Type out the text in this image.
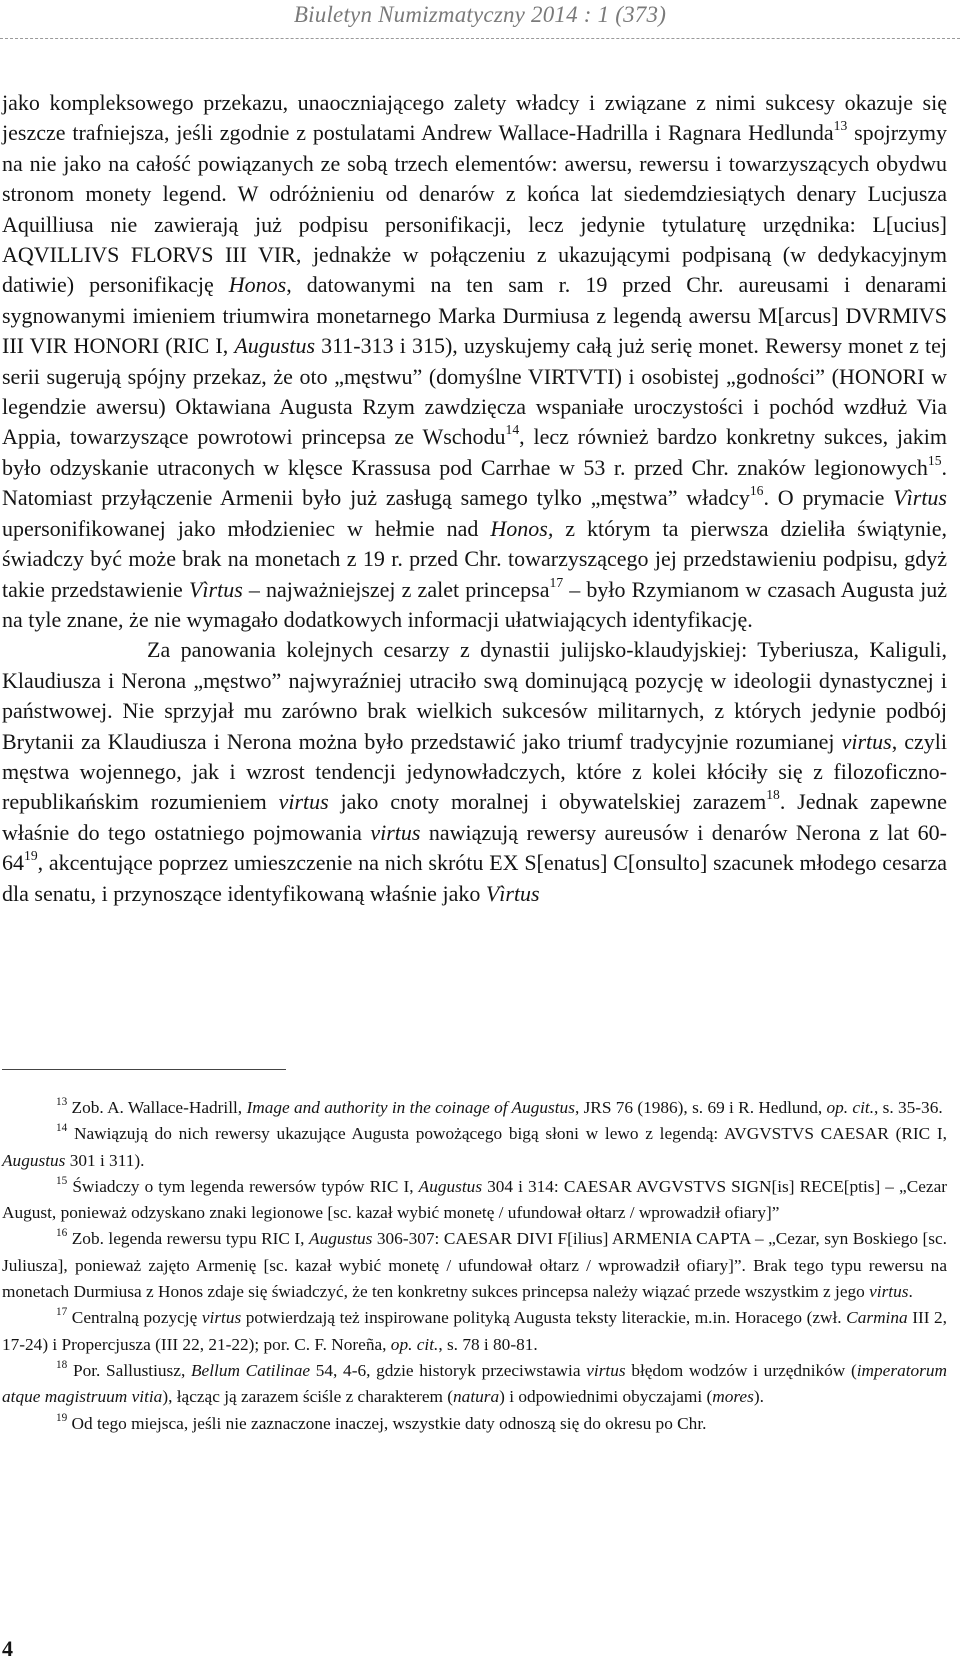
Biuletyn Numizmatyczny 2014 : 1 (373)

jako kompleksowego przekazu, unaoczniającego zalety władcy i związane z nimi sukcesy okazuje się jeszcze trafniejsza, jeśli zgodnie z postulatami Andrew Wallace-Hadrilla i Ragnara Hedlunda$^{13}$ spojrzymy na nie jako na całość powiązanych ze sobą trzech elementów: awersu, rewersu i towarzyszących obydwu stronom monety legend. W odróżnieniu od denarów z końca lat siedemdziesiątych denary Lucjusza Aquilliusa nie zawierają już podpisu personifikacji, lecz jedynie tytulaturę urzędnika: L[ucius] AQVILLIVS FLORVS III VIR, jednakże w połączeniu z ukazującymi podpisaną (w dedykacyjnym datiwie) personifikację Honos, datowanymi na ten sam r. 19 przed Chr. aureusami i denarami sygnowanymi imieniem triumwira monetarnego Marka Durmiusa z legendą awersu M[arcus] DVRMIVS III VIR HONORI (RIC I, Augustus 311-313 i 315), uzyskujemy całą już serię monet. Rewersy monet z tej serii sugerują spójny przekaz, że oto „męstwu” (domyślne VIRTVTI) i osobistej „godności” (HONORI w legendzie awersu) Oktawiana Augusta Rzym zawdzięcza wspaniałe uroczystości i pochód wzdłuż Via Appia, towarzyszące powrotowi princepsa ze Wschodu$^{14}$, lecz również bardzo konkretny sukces, jakim było odzyskanie utraconych w klęsce Krassusa pod Carrhae w 53 r. przed Chr. znaków legionowych$^{15}$. Natomiast przyłączenie Armenii było już zasługą samego tylko „męstwa” władcy$^{16}$. O prymacie Vìrtus upersonifikowanej jako młodzieniec w hełmie nad Honos, z którym ta pierwsza dzieliła świątynie, świadczy być może brak na monetach z 19 r. przed Chr. towarzyszącego jej przedstawieniu podpisu, gdyż takie przedstawienie Vìrtus – najważniejszej z zalet princepsa$^{17}$ – było Rzymianom w czasach Augusta już na tyle znane, że nie wymagało dodatkowych informacji ułatwiających identyfikację.

Za panowania kolejnych cesarzy z dynastii julijsko-klaudyjskiej: Tyberiusza, Kaliguli, Klaudiusza i Nerona „męstwo” najwyraźniej utraciło swą dominującą pozycję w ideologii dynastycznej i państwowej. Nie sprzyjał mu zarówno brak wielkich sukcesów militarnych, z których jedynie podbój Brytanii za Klaudiusza i Nerona można było przedstawić jako triumf tradycyjnie rozumianej virtus, czyli męstwa wojennego, jak i wzrost tendencji jedynowładczych, które z kolei kłóciły się z filozoficzno-republikańskim rozumieniem virtus jako cnoty moralnej i obywatelskiej zarazem$^{18}$. Jednak zapewne właśnie do tego ostatniego pojmowania virtus nawiązują rewersy aureusów i denarów Nerona z lat $60-64^{19}$, akcentujące poprzez umieszczenie na nich skrótu EX S[enatus] C[onsulto] szacunek młodego cesarza dla senatu, i przynoszące identyfikowaną właśnie jako Vìrtus

$^{13}$ Zob. A. Wallace-Hadrill, Image and authority in the coinage of Augustus, JRS 76 (1986), s. 69 i R. Hedlund, op. cit., s. 35-36.

$^{14}$ Nawiązują do nich rewersy ukazujące Augusta powożącego bigą słoni w lewo z legendą: AVGVSTVS CAESAR (RIC I, Augustus 301 i 311).

$^{15}$ Świadczy o tym legenda rewersów typów RIC I, Augustus 304 i 314: CAESAR AVGVSTVS SIGN[is] RECE[ptis] – „Cezar August, ponieważ odzyskano znaki legionowe [sc. kazał wybić monetę / ufundował ołtarz / wprowadził ofiary]”

$^{16}$ Zob. legenda rewersu typu RIC I, Augustus 306-307: CAESAR DIVI F[ilius] ARMENIA CAPTA – „Cezar, syn Boskiego [sc. Juliusza], ponieważ zajęto Armenię [sc. kazał wybić monetę / ufundował ołtarz / wprowadził ofiary]”. Brak tego typu rewersu na monetach Durmiusa z Honos zdaje się świadczyć, że ten konkretny sukces princepsa należy wiązać przede wszystkim z jego virtus.

$^{17}$ Centralną pozycję virtus potwierdzają też inspirowane polityką Augusta teksty literackie, m.in. Horacego (zwł. Carmina III 2, 17-24) i Propercjusza (III 22, 21-22); por. C. F. Noreña, op. cit., s. 78 i 80-81.

$^{18}$ Por. Sallustiusz, Bellum Catilinae 54, 4-6, gdzie historyk przeciwstawia virtus błędom wodzów i urzędników (imperatorum atque magistruum vitia), łącząc ją zarazem ściśle z charakterem (natura) i odpowiednimi obyczajami (mores).

$^{19}$ Od tego miejsca, jeśli nie zaznaczone inaczej, wszystkie daty odnoszą się do okresu po Chr.

4
